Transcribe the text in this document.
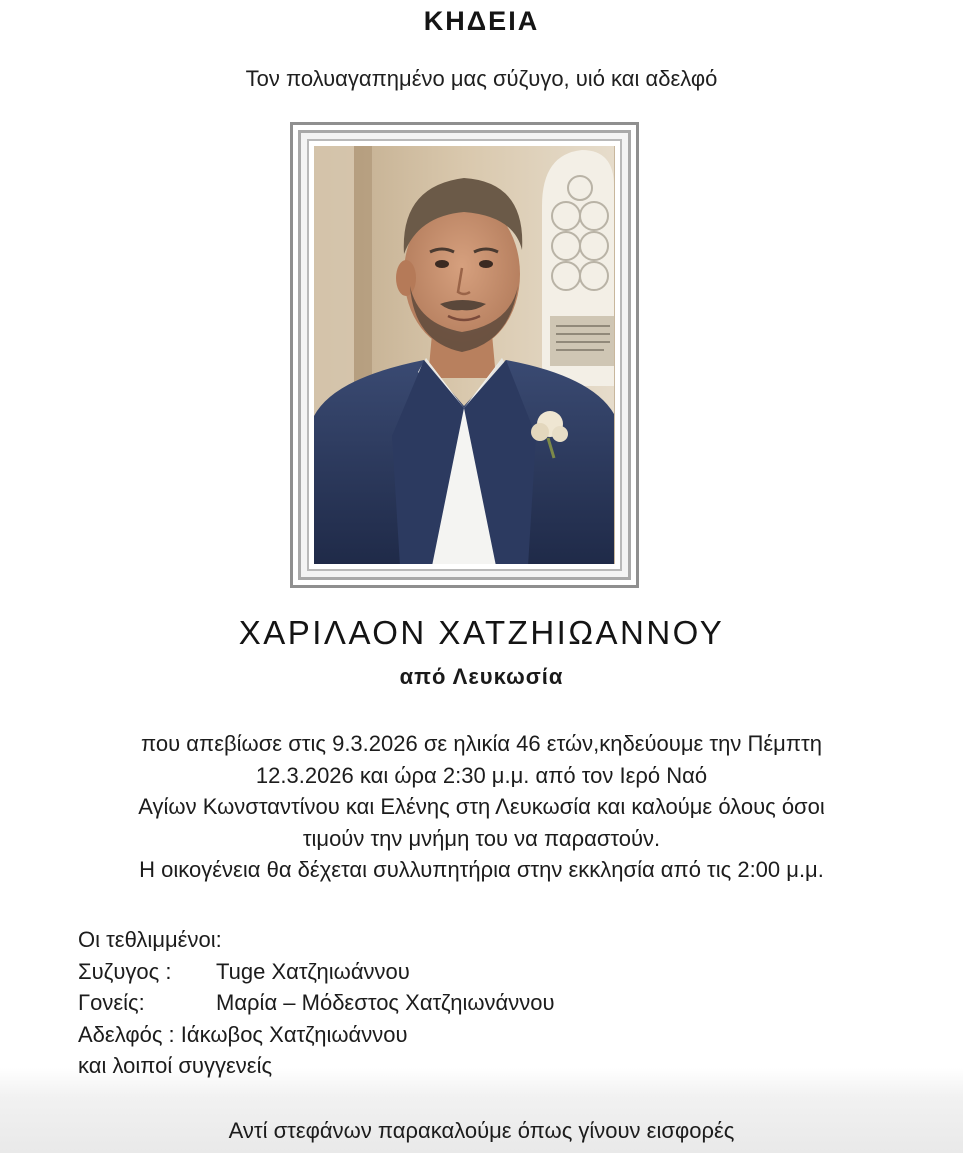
ΚΗΔΕΙΑ
Τον πολυαγαπημένο μας σύζυγο, υιό και αδελφό
ΧΑΡΙΛΑΟΝ ΧΑΤΖΗΙΩΑΝΝΟΥ
από Λευκωσία
που απεβίωσε στις 9.3.2026 σε ηλικία 46 ετών,κηδεύουμε την Πέμπτη
12.3.2026 και ώρα 2:30 μ.μ. από τον Ιερό Ναό
Αγίων Κωνσταντίνου και Ελένης στη Λευκωσία και καλούμε όλους όσοι
τιμούν την μνήμη του να παραστούν.
Η οικογένεια θα δέχεται συλλυπητήρια στην εκκλησία από τις 2:00 μ.μ.
Οι τεθλιμμένοι:
Συζυγος : Tuge Χατζηιωάννου
Γονείς:	Μαρία – Μόδεστος Χατζηιωνάννου
Αδελφός : Ιάκωβος Χατζηιωάννου
και λοιποί συγγενείς
Αντί στεφάνων παρακαλούμε όπως γίνουν εισφορές
